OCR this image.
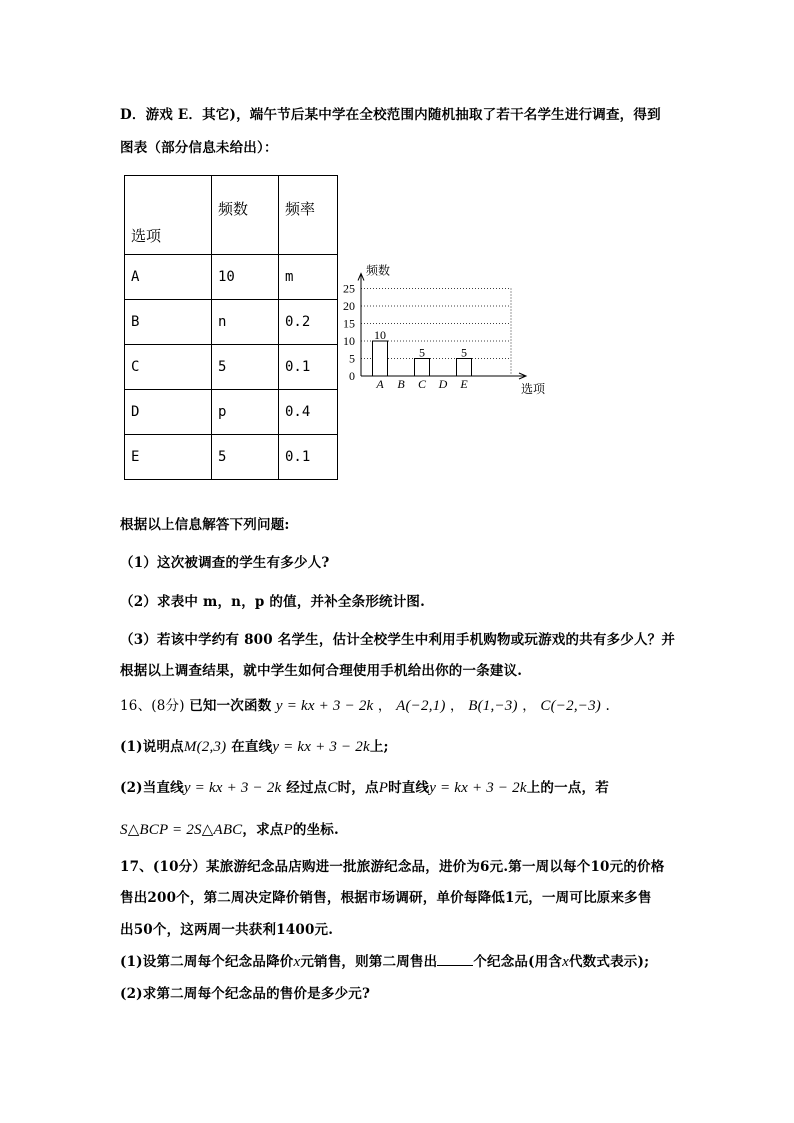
D．游戏 E．其它)，端午节后某中学在全校范围内随机抽取了若干名学生进行调查，得到
图表（部分信息未给出）：
选项	频数	频率

A	10	m
B	n	0.2
C	5	0.1
D	p	0.4
E	5	0.1
0
5
10
15
20
25
频数
选项
A
10
B C
5
D E
5
根据以上信息解答下列问题:
（1）这次被调查的学生有多少人?
（2）求表中 m，n，p 的值，并补全条形统计图.
（3）若该中学约有 800 名学生，估计全校学生中利用手机购物或玩游戏的共有多少人？并
根据以上调查结果，就中学生如何合理使用手机给出你的一条建议.
16、(8分) 已知一次函数 y = kx + 3 − 2k ， A(−2,1) ， B(1,−3) ， C(−2,−3) .
(1)说明点M(2,3) 在直线y = kx + 3 − 2k上;
(2)当直线y = kx + 3 − 2k 经过点C时，点P时直线y = kx + 3 − 2k上的一点，若
S△BCP = 2S△ABC，求点P的坐标.
17、(10分）某旅游纪念品店购进一批旅游纪念品，进价为6元.第一周以每个10元的价格
售出200个，第二周决定降价销售，根据市场调研，单价每降低1元，一周可比原来多售
出50个，这两周一共获利1400元.
(1)设第二周每个纪念品降价x元销售，则第二周售出	个纪念品(用含x代数式表示);
(2)求第二周每个纪念品的售价是多少元?
